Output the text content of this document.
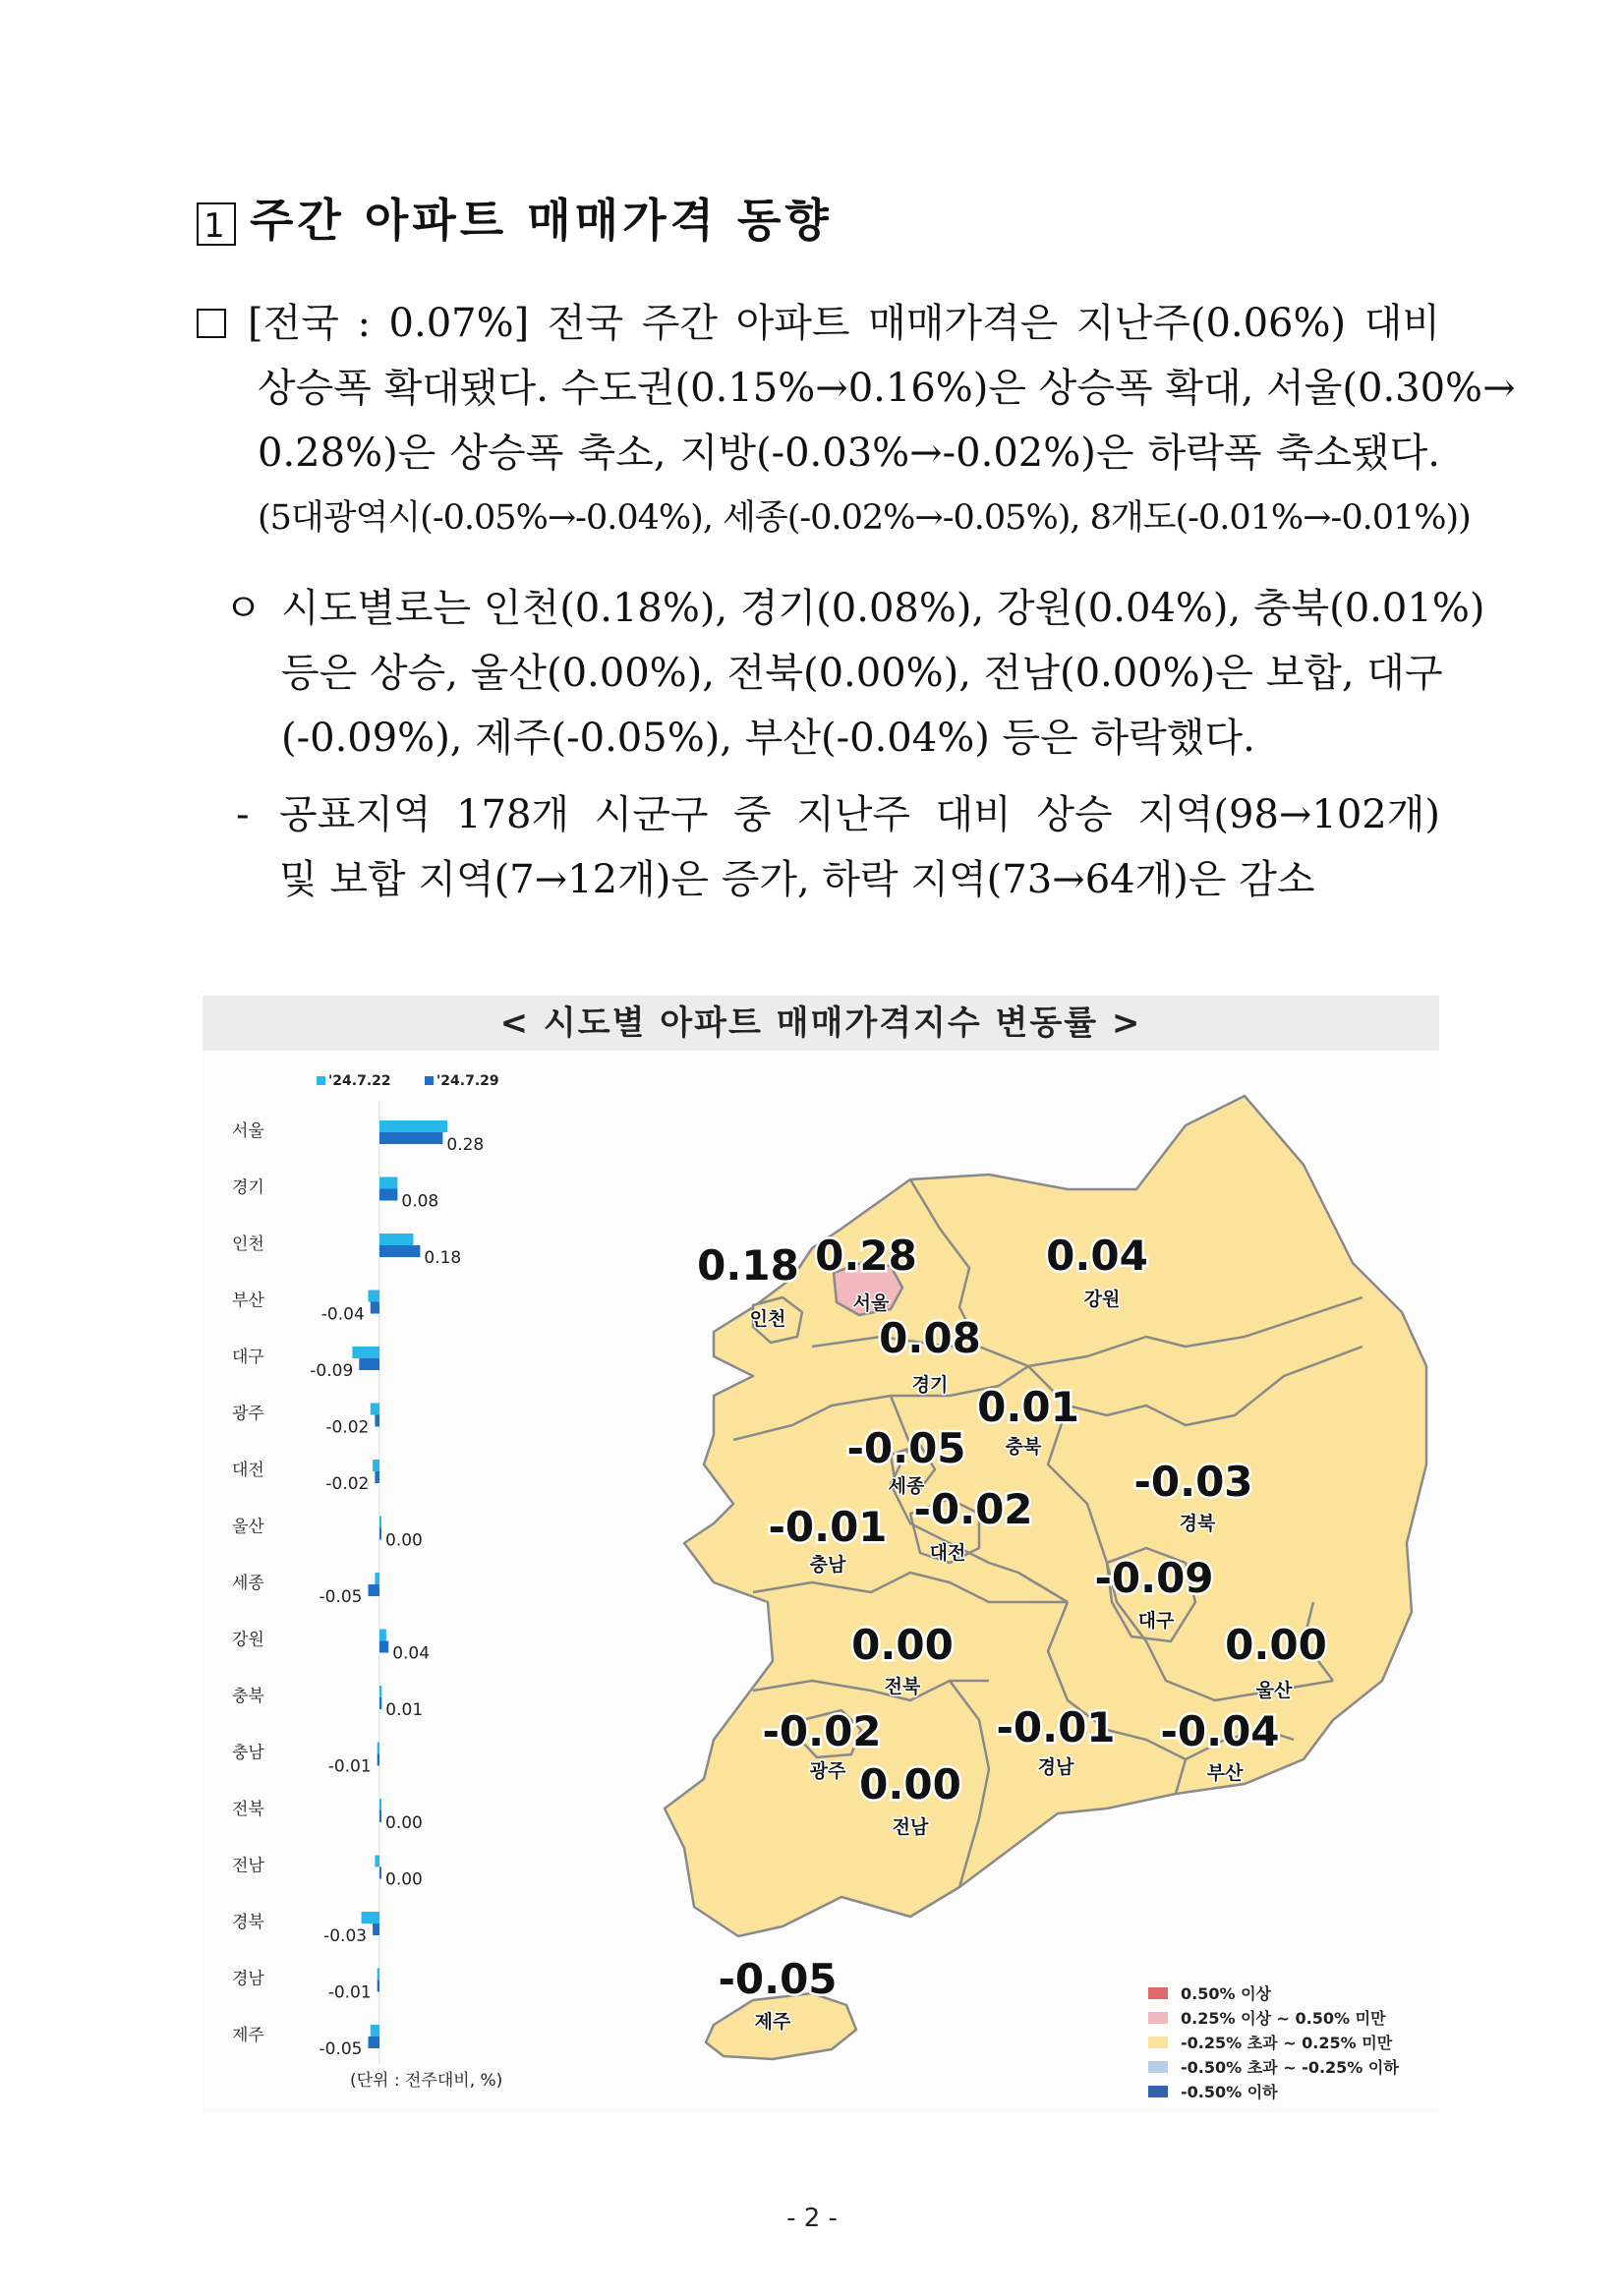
1 주간 아파트 매매가격 동향
[전국 : 0.07%] 전국 주간 아파트 매매가격은 지난주(0.06%) 대비
상승폭 확대됐다. 수도권(0.15%→0.16%)은 상승폭 확대, 서울(0.30%→
0.28%)은 상승폭 축소, 지방(-0.03%→-0.02%)은 하락폭 축소됐다.
(5대광역시(-0.05%→-0.04%), 세종(-0.02%→-0.05%), 8개도(-0.01%→-0.01%))
ㅇ 시도별로는 인천(0.18%), 경기(0.08%), 강원(0.04%), 충북(0.01%)
등은 상승, 울산(0.00%), 전북(0.00%), 전남(0.00%)은 보합, 대구
(-0.09%), 제주(-0.05%), 부산(-0.04%) 등은 하락했다.
- 공표지역 178개 시군구 중 지난주 대비 상승 지역(98→102개)
및 보합 지역(7→12개)은 증가, 하락 지역(73→64개)은 감소
< 시도별 아파트 매매가격지수 변동률 >
'24.7.22	'24.7.29
서울
0.28
경기
0.08
인천
0.18
부산
-0.04
대구
-0.09
광주
-0.02
대전
-0.02
울산
0.00
세종
-0.05
강원
0.04
충북
0.01
충남
-0.01
전북
0.00
전남
0.00
경북
-0.03
경남
-0.01
제주
-0.05
(단위 : 전주대비, %)
0.18
인천
0.28
서울
0.04
강원
0.08
경기 0.01
충북
-0.05
세종
-0.01
충남
-0.02
대전
-0.03
경북
-0.09
대구
0.00
전북
0.00
울산
-0.02
광주
-0.01
경남
-0.04
부산
0.00
전남
-0.05
제주
0.50% 이상
0.25% 이상 ~ 0.50% 미만
-0.25% 초과 ~ 0.25% 미만
-0.50% 초과 ~ -0.25% 이하
-0.50% 이하
- 2 -
